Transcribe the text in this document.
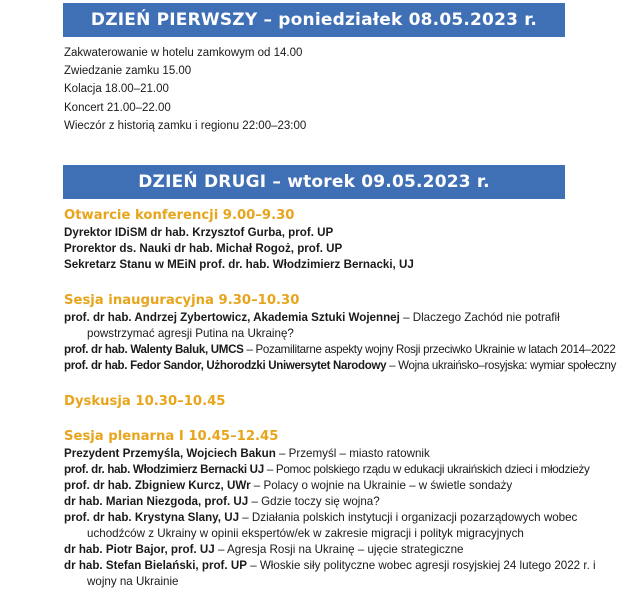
DZIEŃ PIERWSZY – poniedziałek 08.05.2023 r.
Zakwaterowanie w hotelu zamkowym od 14.00
Zwiedzanie zamku 15.00
Kolacja 18.00–21.00
Koncert 21.00–22.00
Wieczór z historią zamku i regionu 22:00–23:00
DZIEŃ DRUGI – wtorek 09.05.2023 r.
Otwarcie konferencji 9.00–9.30
Dyrektor IDiSM dr hab. Krzysztof Gurba, prof. UP
Prorektor ds. Nauki dr hab. Michał Rogoż, prof. UP
Sekretarz Stanu w MEiN prof. dr. hab. Włodzimierz Bernacki, UJ
Sesja inauguracyjna 9.30–10.30
prof. dr hab. Andrzej Zybertowicz, Akademia Sztuki Wojennej – Dlaczego Zachód nie potrafił powstrzymać agresji Putina na Ukrainę?
prof. dr hab. Walenty Baluk, UMCS – Pozamilitarne aspekty wojny Rosji przeciwko Ukrainie w latach 2014–2022
prof. dr hab. Fedor Sandor, Użhorodzki Uniwersytet Narodowy – Wojna ukraińsko–rosyjska: wymiar społeczny
Dyskusja 10.30–10.45
Sesja plenarna I 10.45–12.45
Prezydent Przemyśla, Wojciech Bakun – Przemyśl – miasto ratownik
prof. dr. hab. Włodzimierz Bernacki UJ – Pomoc polskiego rządu w edukacji ukraińskich dzieci i młodzieży
prof. dr hab. Zbigniew Kurcz, UWr – Polacy o wojnie na Ukrainie – w świetle sondaży
dr hab. Marian Niezgoda, prof. UJ – Gdzie toczy się wojna?
prof. dr hab. Krystyna Slany, UJ – Działania polskich instytucji i organizacji pozarządowych wobec uchodźców z Ukrainy w opinii ekspertów/ek w zakresie migracji i polityk migracyjnych
dr hab. Piotr Bajor, prof. UJ – Agresja Rosji na Ukrainę – ujęcie strategiczne
dr hab. Stefan Bielański, prof. UP – Włoskie siły polityczne wobec agresji rosyjskiej 24 lutego 2022 r. i wojny na Ukrainie
